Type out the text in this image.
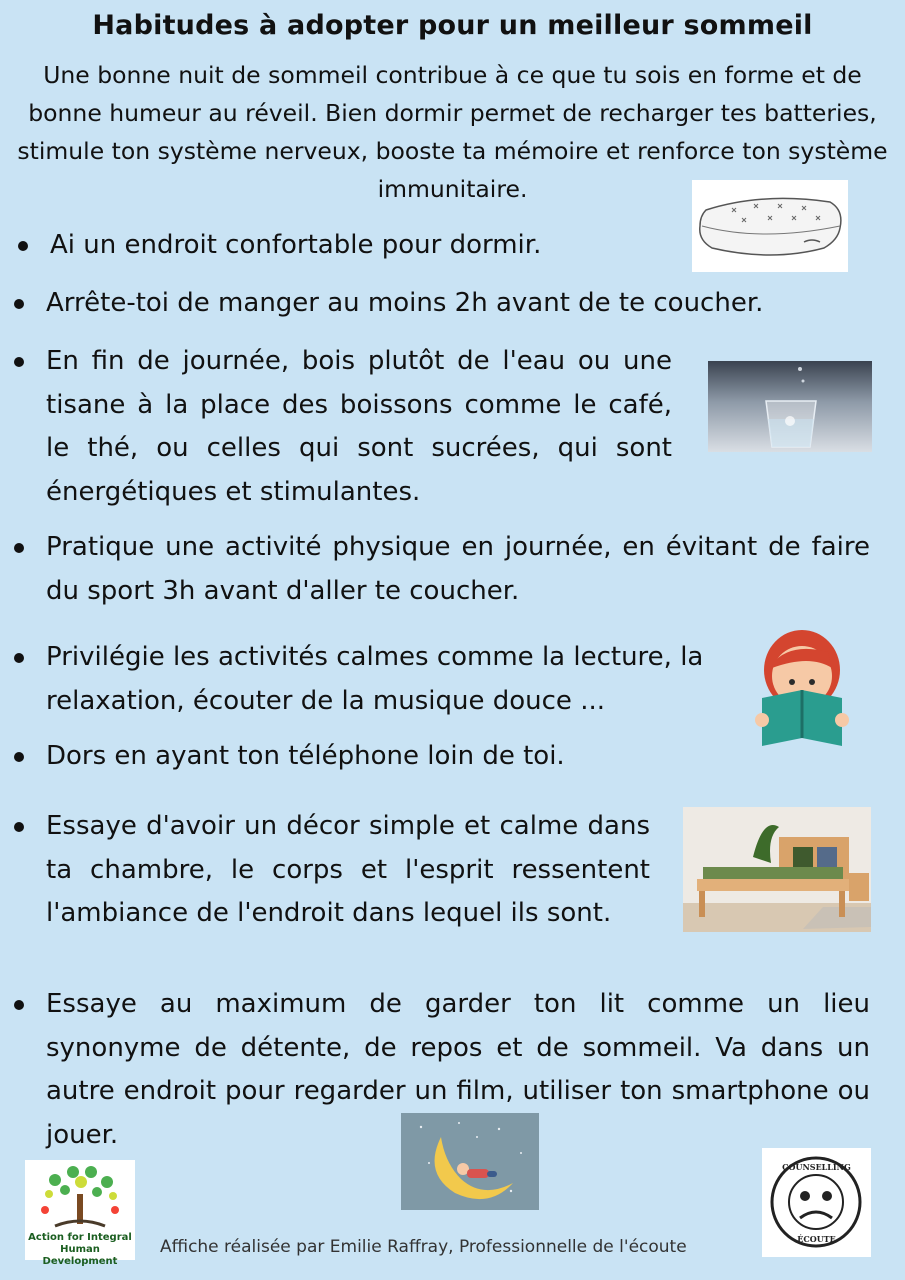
Habitudes à adopter pour un meilleur sommeil
Une bonne nuit de sommeil contribue à ce que tu sois en forme et de bonne humeur au réveil. Bien dormir permet de recharger tes batteries, stimule ton système nerveux, booste ta mémoire et renforce ton système immunitaire.
Ai un endroit confortable pour dormir.
Arrête-toi de manger au moins 2h avant de te coucher.
En fin de journée, bois plutôt de l'eau ou une tisane à la place des boissons comme le café, le thé, ou celles qui sont sucrées, qui sont énergétiques et stimulantes.
Pratique une activité physique en journée, en évitant de faire du sport 3h avant d'aller te coucher.
Privilégie les activités calmes comme la lecture, la relaxation, écouter de la musique douce ...
Dors en ayant ton téléphone loin de toi.
Essaye d'avoir un décor simple et calme dans ta chambre, le corps et l'esprit ressentent l'ambiance de l'endroit dans lequel ils sont.
Essaye au maximum de garder ton lit comme un lieu synonyme de détente, de repos et de sommeil. Va dans un autre endroit pour regarder un film, utiliser ton smartphone ou jouer.
Action for Integral
Human Development
Affiche réalisée par Emilie Raffray, Professionnelle de l'écoute
COUNSELLING
ÉCOUTE
